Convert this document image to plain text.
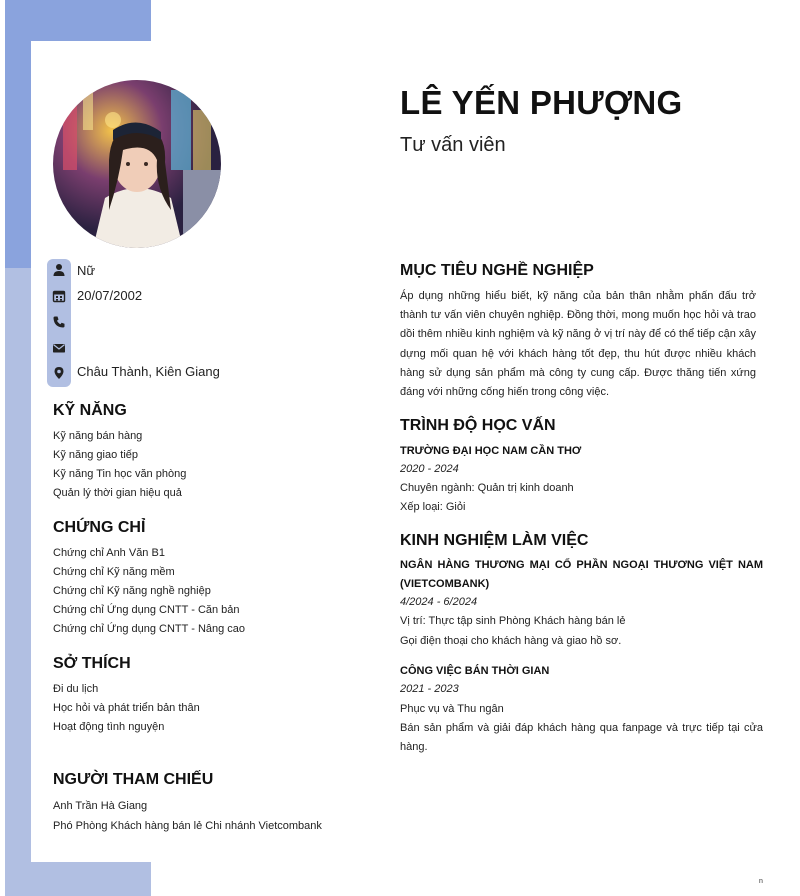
Nữ
20/07/2002
Châu Thành, Kiên Giang
KỸ NĂNG
Kỹ năng bán hàng
Kỹ năng giao tiếp
Kỹ năng Tin học văn phòng
Quản lý thời gian hiệu quả
CHỨNG CHỈ
Chứng chỉ Anh Văn B1
Chứng chỉ Kỹ năng mềm
Chứng chỉ Kỹ năng nghề nghiệp
Chứng chỉ Ứng dụng CNTT - Căn bản
Chứng chỉ Ứng dụng CNTT - Nâng cao
SỞ THÍCH
Đi du lịch
Học hỏi và phát triển bản thân
Hoạt động tình nguyện
NGƯỜI THAM CHIẾU
Anh Trần Hà Giang
Phó Phòng Khách hàng bán lẻ Chi nhánh Vietcombank
LÊ YẾN PHƯỢNG
Tư vấn viên
MỤC TIÊU NGHỀ NGHIỆP
Áp dụng những hiểu biết, kỹ năng của bản thân nhằm phấn đấu trở thành tư vấn viên chuyên nghiệp. Đồng thời, mong muốn học hỏi và trao dồi thêm nhiều kinh nghiệm và kỹ năng ở vị trí này để có thể tiếp cận xây dựng mối quan hệ với khách hàng tốt đẹp, thu hút được nhiều khách hàng sử dụng sản phẩm mà công ty cung cấp. Được thăng tiến xứng đáng với những cống hiến trong công việc.
TRÌNH ĐỘ HỌC VẤN
TRƯỜNG ĐẠI HỌC NAM CẦN THƠ
2020 - 2024
Chuyên ngành: Quản trị kinh doanh
Xếp loại: Giỏi
KINH NGHIỆM LÀM VIỆC
NGÂN HÀNG THƯƠNG MẠI CỔ PHẦN NGOẠI THƯƠNG VIỆT NAM (VIETCOMBANK)
4/2024 - 6/2024
Vị trí: Thực tập sinh Phòng Khách hàng bán lẻ
Gọi điện thoại cho khách hàng và giao hồ sơ.
CÔNG VIỆC BÁN THỜI GIAN
2021 - 2023
Phục vụ và Thu ngân
Bán sản phẩm và giải đáp khách hàng qua fanpage và trực tiếp tại cửa hàng.
n
